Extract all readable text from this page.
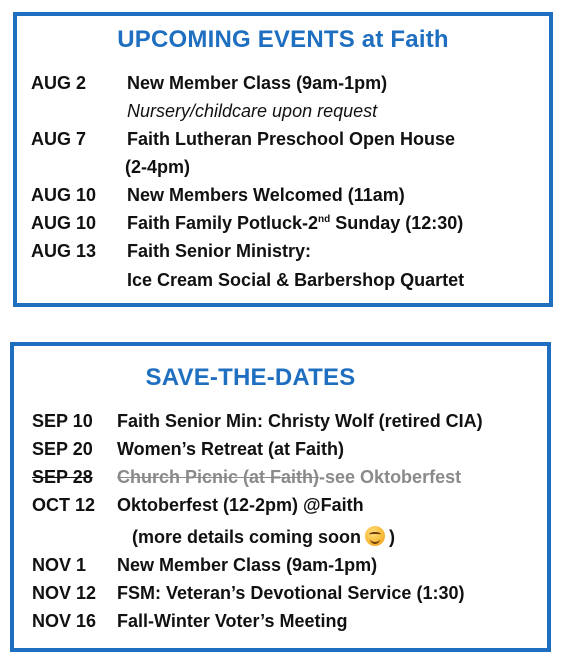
UPCOMING EVENTS at Faith
AUG 2 New Member Class (9am-1pm)
Nursery/childcare upon request
AUG 7 Faith Lutheran Preschool Open House
(2-4pm)
AUG 10 New Members Welcomed (11am)
AUG 10 Faith Family Potluck-2nd Sunday (12:30)
AUG 13 Faith Senior Ministry:
Ice Cream Social & Barbershop Quartet
SAVE-THE-DATES
SEP 10 Faith Senior Min: Christy Wolf (retired CIA)
SEP 20 Women’s Retreat (at Faith)
SEP 28 Church Picnic (at Faith)-see Oktoberfest
OCT 12 Oktoberfest (12-2pm) @Faith
(more details coming soon )
NOV 1 New Member Class (9am-1pm)
NOV 12 FSM: Veteran’s Devotional Service (1:30)
NOV 16 Fall-Winter Voter’s Meeting
